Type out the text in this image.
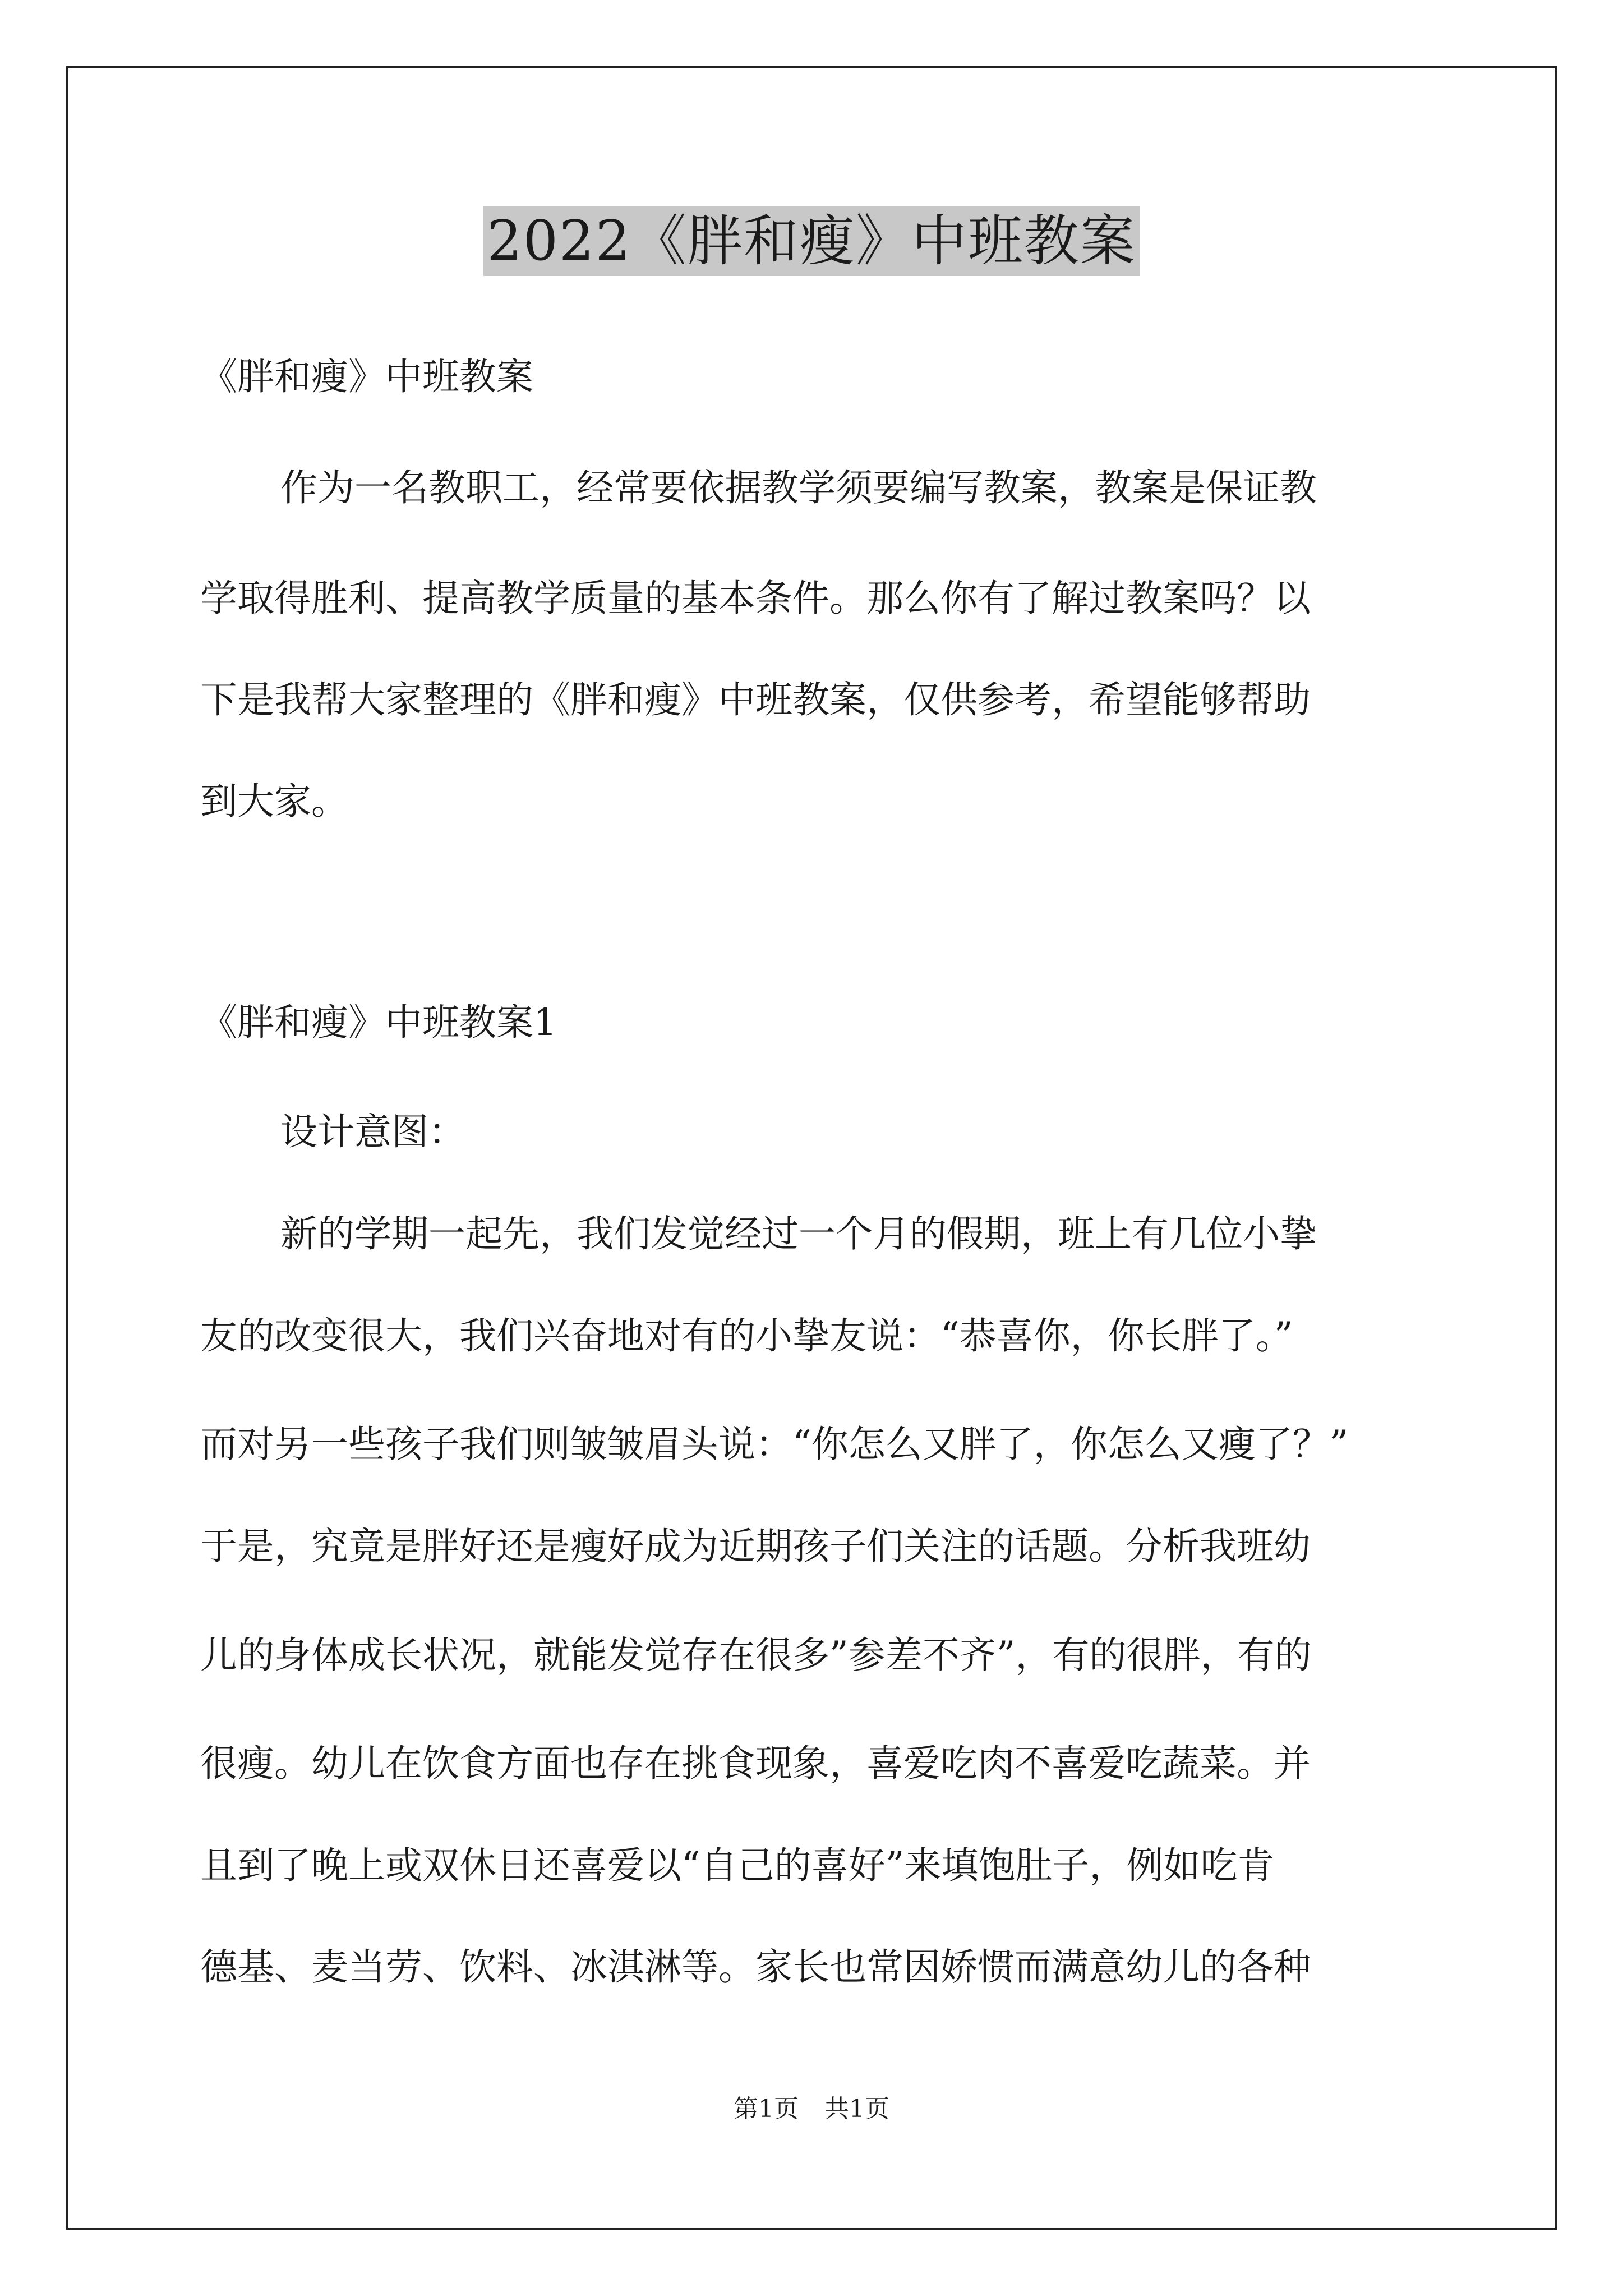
2022《胖和瘦》中班教案
《胖和瘦》中班教案
作为一名教职工，经常要依据教学须要编写教案，教案是保证教
学取得胜利、提高教学质量的基本条件。那么你有了解过教案吗？以
下是我帮大家整理的《胖和瘦》中班教案，仅供参考，希望能够帮助
到大家。
《胖和瘦》中班教案1
设计意图：
新的学期一起先，我们发觉经过一个月的假期，班上有几位小挚
友的改变很大，我们兴奋地对有的小挚友说：“恭喜你，你长胖了。”
而对另一些孩子我们则皱皱眉头说：“你怎么又胖了，你怎么又瘦了？”
于是，究竟是胖好还是瘦好成为近期孩子们关注的话题。分析我班幼
儿的身体成长状况，就能发觉存在很多”参差不齐”，有的很胖，有的
很瘦。幼儿在饮食方面也存在挑食现象，喜爱吃肉不喜爱吃蔬菜。并
且到了晚上或双休日还喜爱以“自己的喜好”来填饱肚子，例如吃肯
德基、麦当劳、饮料、冰淇淋等。家长也常因娇惯而满意幼儿的各种
第1页 共1页
